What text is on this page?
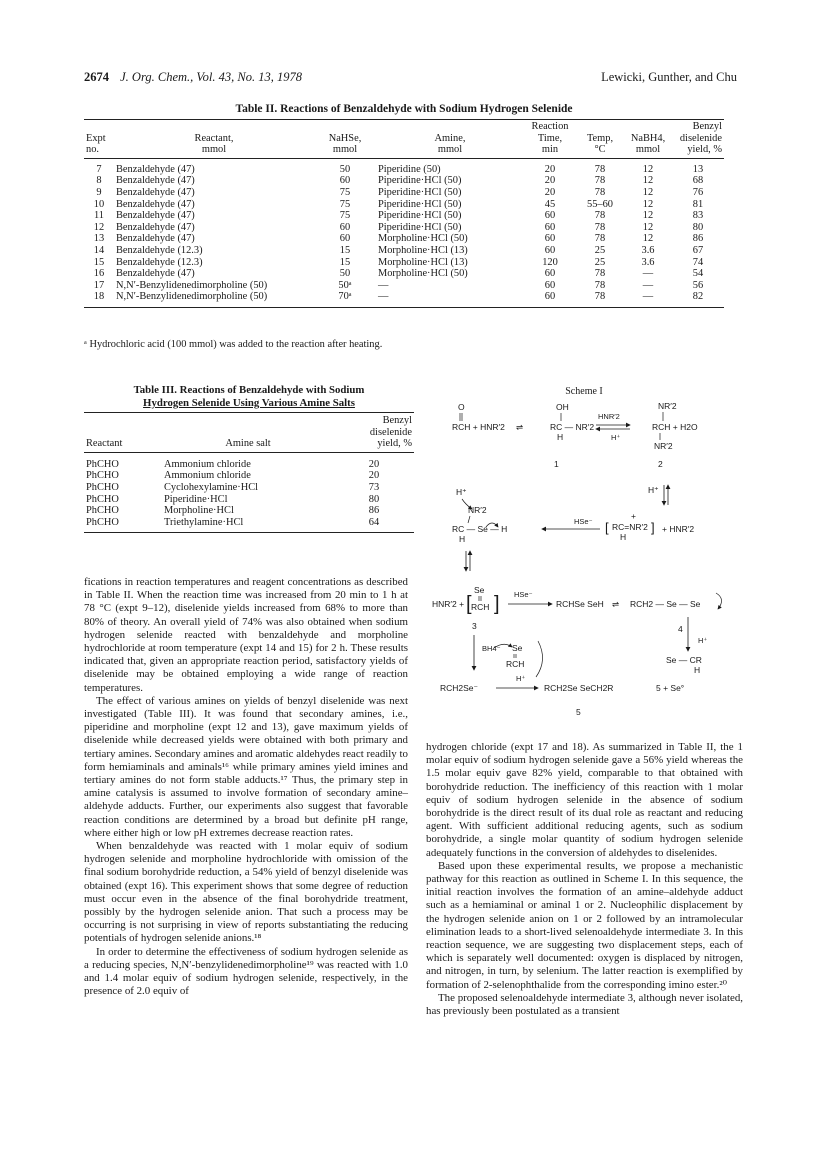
2674 J. Org. Chem., Vol. 43, No. 13, 1978	Lewicki, Gunther, and Chu
Table II. Reactions of Benzaldehyde with Sodium Hydrogen Selenide

				Reaction			Benzyl
Expt	Reactant,	NaHSe,	Amine,	Time,	Temp,	NaBH4,	diselenide
no.	mmol	mmol	mmol	min	°C	mmol	yield, %
7	Benzaldehyde (47)	50	Piperidine (50)	20	78	12	13
8	Benzaldehyde (47)	60	Piperidine·HCl (50)	20	78	12	68
9	Benzaldehyde (47)	75	Piperidine·HCl (50)	20	78	12	76
10	Benzaldehyde (47)	75	Piperidine·HCl (50)	45	55–60	12	81
11	Benzaldehyde (47)	75	Piperidine·HCl (50)	60	78	12	83
12	Benzaldehyde (47)	60	Piperidine·HCl (50)	60	78	12	80
13	Benzaldehyde (47)	60	Morpholine·HCl (50)	60	78	12	86
14	Benzaldehyde (12.3)	15	Morpholine·HCl (13)	60	25	3.6	67
15	Benzaldehyde (12.3)	15	Morpholine·HCl (13)	120	25	3.6	74
16	Benzaldehyde (47)	50	Morpholine·HCl (50)	60	78	—	54
17	N,N′-Benzylidenedimorpholine (50)	50ᵃ	—	60	78	—	56
18	N,N′-Benzylidenedimorpholine (50)	70ᵃ	—	60	78	—	82
ᵃ Hydrochloric acid (100 mmol) was added to the reaction after heating.
Table III. Reactions of Benzaldehyde with Sodium
Hydrogen Selenide Using Various Amine Salts
Reactant	Amine salt	Benzyl
diselenide
yield, %

PhCHO	Ammonium chloride	20
PhCHO	Ammonium chloride	20
PhCHO	Cyclohexylamine·HCl	73
PhCHO	Piperidine·HCl	80
PhCHO	Morpholine·HCl	86
PhCHO	Triethylamine·HCl	64
Scheme I
O
RCH + HNR′2 ⇌
OH
RC — NR′2
H
HNR′2
H⁺
NR′2
RCH + H2O
NR′2
1	2
H⁺
NR′2
RC — Se — H
H
HSe⁻ [ RC=NR′2
+
H
] + HNR′2
H⁺
HNR′2 + [
Se
RCH ] HSe⁻
RCHSe SeH ⇌ RCH2 — Se — Se
3	4
H⁺
Se — CR
H
BH4⁻ Se
RCH
RCH2Se⁻
H⁺
RCH2Se SeCH2R	5 + Se°
5

fications in reaction temperatures and reagent concentrations as described in Table II. When the reaction time was increased from 20 min to 1 h at 78 °C (expt 9–12), diselenide yields increased from 68% to more than 80% of theory. An overall yield of 74% was also obtained when sodium hydrogen selenide reacted with benzaldehyde and morpholine hydrochloride at room temperature (expt 14 and 15) for 2 h. These results indicated that, given an appropriate reaction period, satisfactory yields of diselenide may be obtained employing a wide range of reaction temperatures.

The effect of various amines on yields of benzyl diselenide was next investigated (Table III). It was found that secondary amines, i.e., piperidine and morpholine (expt 12 and 13), gave maximum yields of diselenide while decreased yields were obtained with both primary and tertiary amines. Secondary amines and aromatic aldehydes react readily to form hemiaminals and aminals¹⁶ while primary amines yield imines and tertiary amines do not form stable adducts.¹⁷ Thus, the primary step in amine catalysis is assumed to involve formation of secondary amine–aldehyde adducts. Further, our experiments also suggest that favorable reaction conditions are determined by a broad but definite pH range, where either high or low pH extremes decrease reaction rates.

When benzaldehyde was reacted with 1 molar equiv of sodium hydrogen selenide and morpholine hydrochloride with omission of the final sodium borohydride reduction, a 54% yield of benzyl diselenide was obtained (expt 16). This experiment shows that some degree of reduction must occur even in the absence of the final borohydride treatment, possibly by the hydrogen selenide anion. That such a process may be occurring is not surprising in view of reports substantiating the reducing potentials of hydrogen selenide anions.¹⁸

In order to determine the effectiveness of sodium hydrogen selenide as a reducing species, N,N′-benzylidenedimorpholine¹⁹ was reacted with 1.0 and 1.4 molar equiv of sodium hydrogen selenide, respectively, in the presence of 2.0 equiv of

hydrogen chloride (expt 17 and 18). As summarized in Table II, the 1 molar equiv of sodium hydrogen selenide gave a 56% yield whereas the 1.5 molar equiv gave 82% yield, comparable to that obtained with borohydride reduction. The inefficiency of this reaction with 1 molar equiv of sodium hydrogen selenide in the absence of sodium borohydride is the direct result of its dual role as reactant and reducing agent. With sufficient additional reducing agents, such as sodium borohydride, a single molar quantity of sodium hydrogen selenide adequately functions in the conversion of aldehydes to diselenides.

Based upon these experimental results, we propose a mechanistic pathway for this reaction as outlined in Scheme I. In this sequence, the initial reaction involves the formation of an amine–aldehyde adduct such as a hemiaminal or aminal 1 or 2. Nucleophilic displacement by the hydrogen selenide anion on 1 or 2 followed by an intramolecular elimination leads to a short-lived selenoaldehyde intermediate 3. In this reaction sequence, we are suggesting two displacement steps, each of which is separately well documented: oxygen is displaced by nitrogen, and nitrogen, in turn, by selenium. The latter reaction is exemplified by formation of 2-selenophthalide from the corresponding imino ester.²⁰

The proposed selenoaldehyde intermediate 3, although never isolated, has previously been postulated as a transient
